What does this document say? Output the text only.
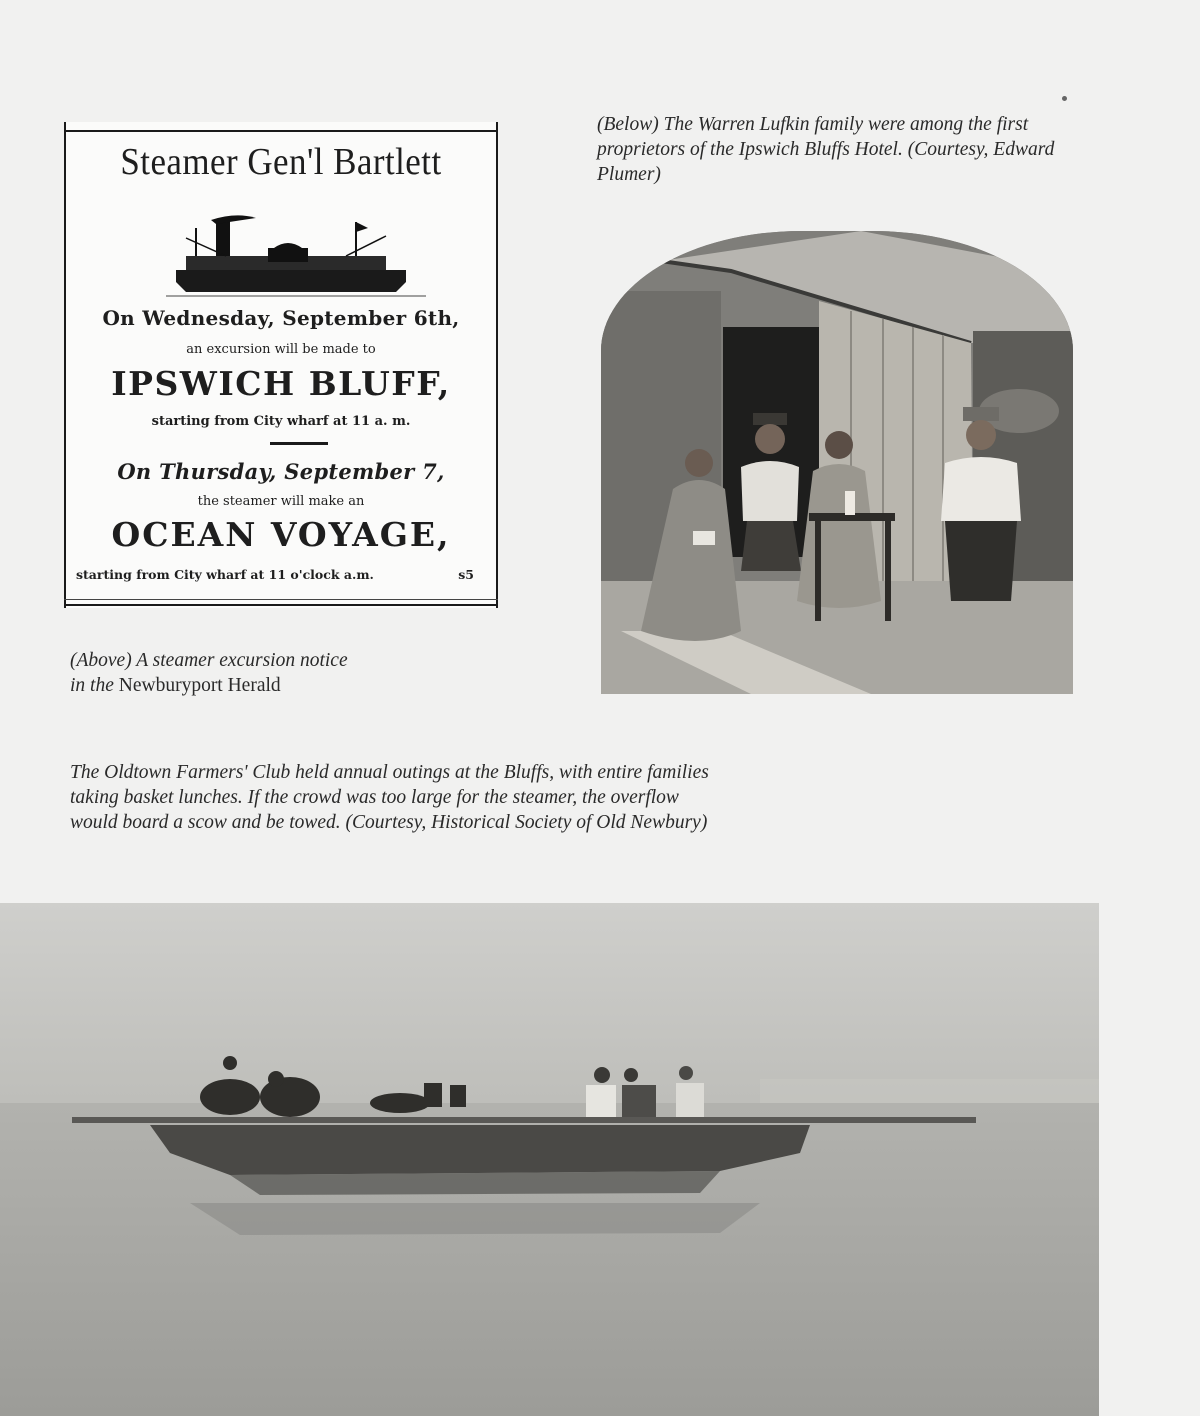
Steamer Gen'l Bartlett
On Wednesday, September 6th,
an excursion will be made to
IPSWICH BLUFF,
starting from City wharf at 11 a. m.
On Thursday, September 7,
the steamer will make an
OCEAN VOYAGE,
starting from City wharf at 11 o'clock a.m.	s5
(Below) The Warren Lufkin family were among the first proprietors of the Ipswich Bluffs Hotel. (Courtesy, Edward Plumer)
(Above) A steamer excursion notice
in the Newburyport Herald
The Oldtown Farmers' Club held annual outings at the Bluffs, with entire families taking basket lunches. If the crowd was too large for the steamer, the overflow would board a scow and be towed. (Courtesy, Historical Society of Old Newbury)
